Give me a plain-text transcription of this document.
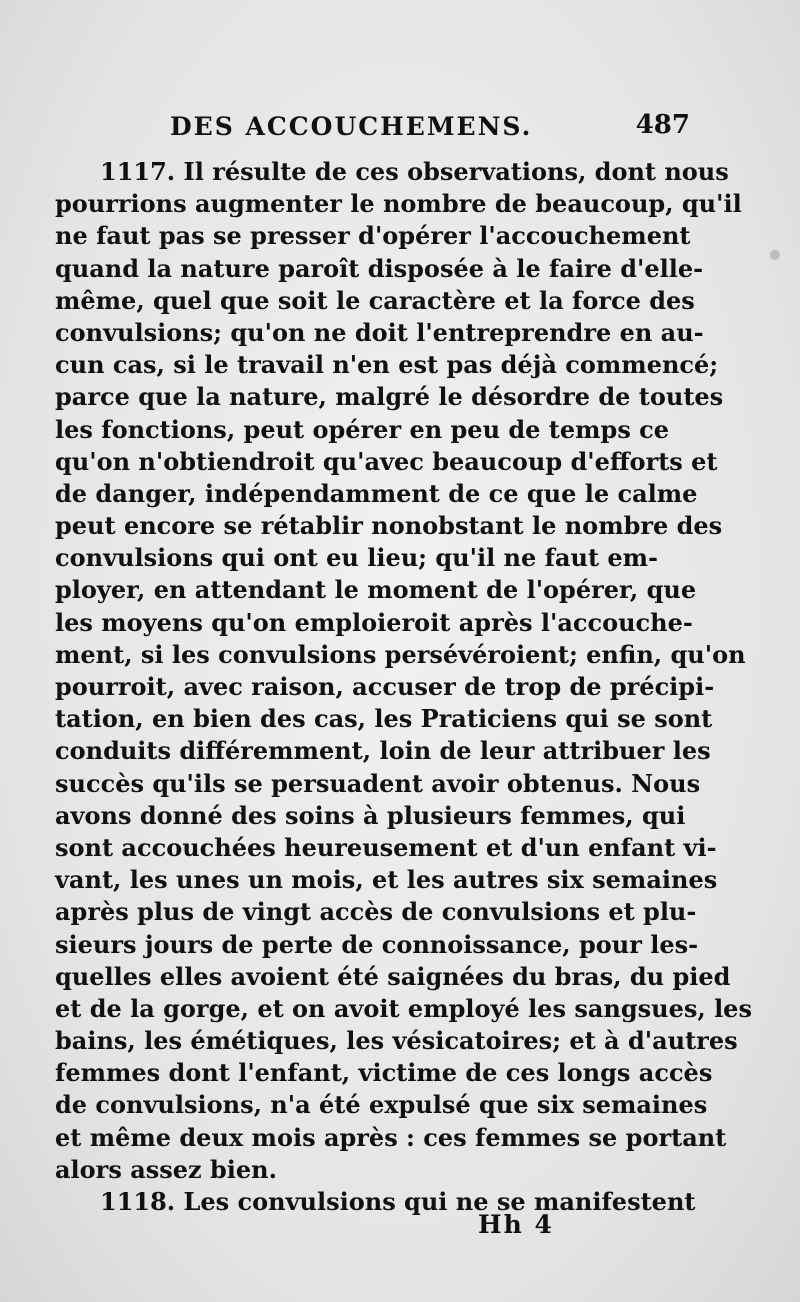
DES ACCOUCHEMENS.	487
1117. Il résulte de ces observations, dont nous
pourrions augmenter le nombre de beaucoup, qu'il
ne faut pas se presser d'opérer l'accouchement
quand la nature paroît disposée à le faire d'elle-
même, quel que soit le caractère et la force des
convulsions; qu'on ne doit l'entreprendre en au-
cun cas, si le travail n'en est pas déjà commencé;
parce que la nature, malgré le désordre de toutes
les fonctions, peut opérer en peu de temps ce
qu'on n'obtiendroit qu'avec beaucoup d'efforts et
de danger, indépendamment de ce que le calme
peut encore se rétablir nonobstant le nombre des
convulsions qui ont eu lieu; qu'il ne faut em-
ployer, en attendant le moment de l'opérer, que
les moyens qu'on emploieroit après l'accouche-
ment, si les convulsions persévéroient; enfin, qu'on
pourroit, avec raison, accuser de trop de précipi-
tation, en bien des cas, les Praticiens qui se sont
conduits différemment, loin de leur attribuer les
succès qu'ils se persuadent avoir obtenus. Nous
avons donné des soins à plusieurs femmes, qui
sont accouchées heureusement et d'un enfant vi-
vant, les unes un mois, et les autres six semaines
après plus de vingt accès de convulsions et plu-
sieurs jours de perte de connoissance, pour les-
quelles elles avoient été saignées du bras, du pied
et de la gorge, et on avoit employé les sangsues, les
bains, les émétiques, les vésicatoires; et à d'autres
femmes dont l'enfant, victime de ces longs accès
de convulsions, n'a été expulsé que six semaines
et même deux mois après : ces femmes se portant
alors assez bien.
1118. Les convulsions qui ne se manifestent
Hh 4
